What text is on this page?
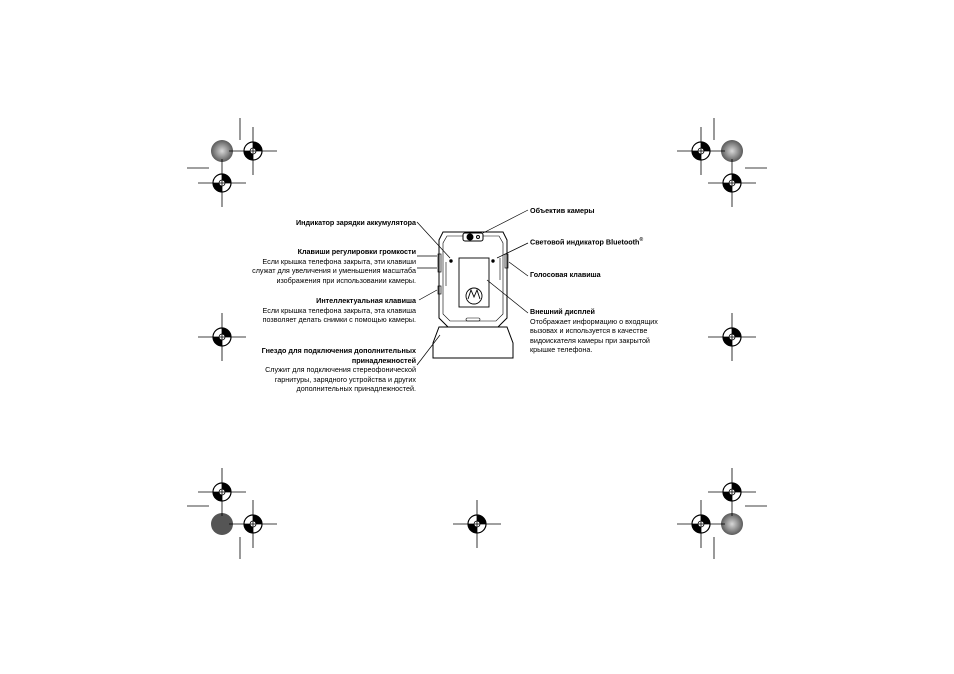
Индикатор зарядки аккумулятора
Клавиши регулировки громкости
Если крышка телефона закрыта, эти клавиши
служат для увеличения и уменьшения масштаба
изображения при использовании камеры.
Интеллектуальная клавиша
Если крышка телефона закрыта, эта клавиша
позволяет делать снимки с помощью камеры.
Гнездо для подключения дополнительных
принадлежностей
Служит для подключения стереофонической
гарнитуры, зарядного устройства и других
дополнительных принадлежностей.
Объектив камеры
Световой индикатор Bluetooth®
Голосовая клавиша
Внешний дисплей
Отображает информацию о входящих
вызовах и используется в качестве
видоискателя камеры при закрытой
крышке телефона.
